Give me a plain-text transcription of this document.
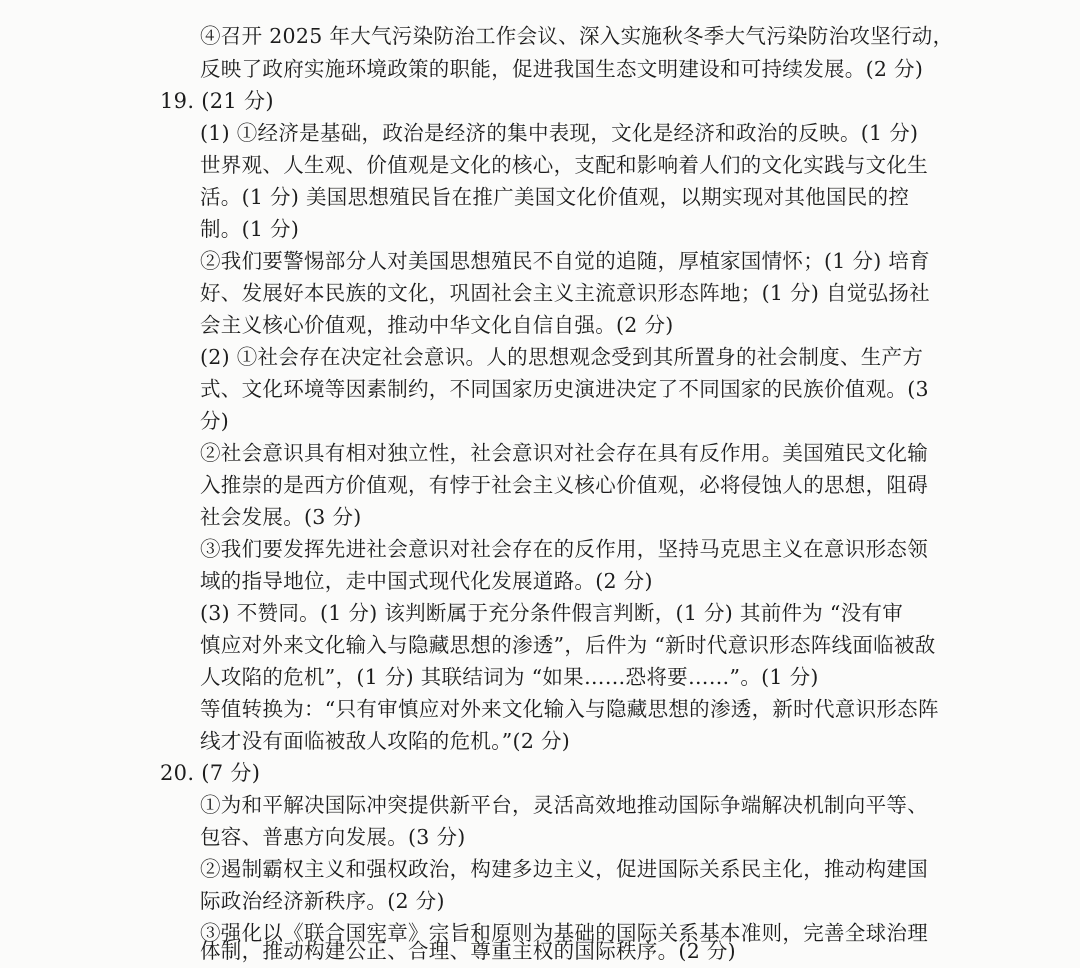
④召开 2025 年大气污染防治工作会议、深入实施秋冬季大气污染防治攻坚行动，
反映了政府实施环境政策的职能，促进我国生态文明建设和可持续发展。(2 分)
19. (21 分)
(1) ①经济是基础，政治是经济的集中表现，文化是经济和政治的反映。(1 分)
世界观、人生观、价值观是文化的核心，支配和影响着人们的文化实践与文化生
活。(1 分) 美国思想殖民旨在推广美国文化价值观，以期实现对其他国民的控
制。(1 分)
②我们要警惕部分人对美国思想殖民不自觉的追随，厚植家国情怀；(1 分) 培育
好、发展好本民族的文化，巩固社会主义主流意识形态阵地；(1 分) 自觉弘扬社
会主义核心价值观，推动中华文化自信自强。(2 分)
(2) ①社会存在决定社会意识。人的思想观念受到其所置身的社会制度、生产方
式、文化环境等因素制约，不同国家历史演进决定了不同国家的民族价值观。(3
分)
②社会意识具有相对独立性，社会意识对社会存在具有反作用。美国殖民文化输
入推崇的是西方价值观，有悖于社会主义核心价值观，必将侵蚀人的思想，阻碍
社会发展。(3 分)
③我们要发挥先进社会意识对社会存在的反作用，坚持马克思主义在意识形态领
域的指导地位，走中国式现代化发展道路。(2 分)
(3) 不赞同。(1 分) 该判断属于充分条件假言判断，(1 分) 其前件为 “没有审
慎应对外来文化输入与隐藏思想的渗透”，后件为 “新时代意识形态阵线面临被敌
人攻陷的危机”，(1 分) 其联结词为 “如果……恐将要……”。(1 分)
等值转换为：“只有审慎应对外来文化输入与隐藏思想的渗透，新时代意识形态阵
线才没有面临被敌人攻陷的危机。”(2 分)
20. (7 分)
①为和平解决国际冲突提供新平台，灵活高效地推动国际争端解决机制向平等、
包容、普惠方向发展。(3 分)
②遏制霸权主义和强权政治，构建多边主义，促进国际关系民主化，推动构建国
际政治经济新秩序。(2 分)
③强化以《联合国宪章》宗旨和原则为基础的国际关系基本准则，完善全球治理
体制，推动构建公正、合理、尊重主权的国际秩序。(2 分)
